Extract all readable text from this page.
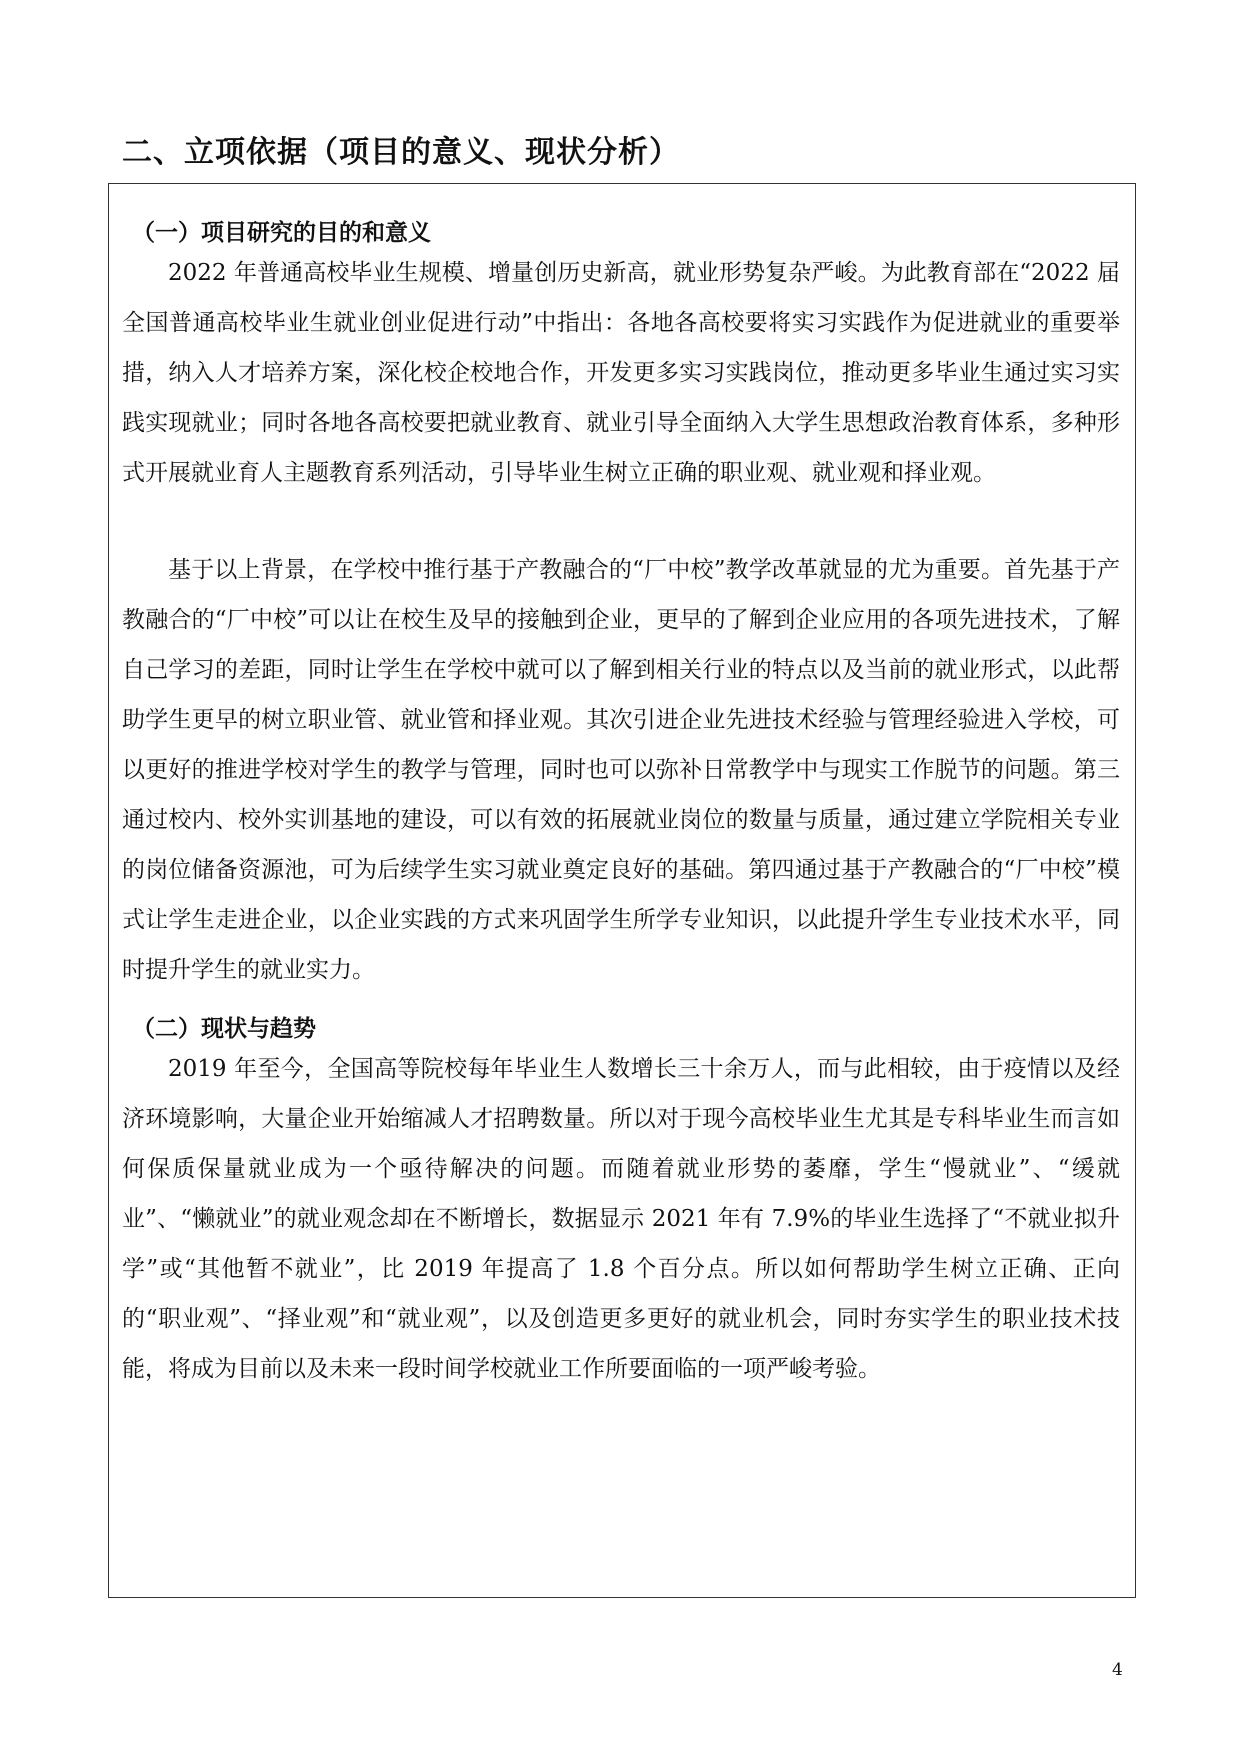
二、立项依据（项目的意义、现状分析）
（一）项目研究的目的和意义

2022 年普通高校毕业生规模、增量创历史新高，就业形势复杂严峻。为此教育部在“2022 届全国普通高校毕业生就业创业促进行动”中指出：各地各高校要将实习实践作为促进就业的重要举措，纳入人才培养方案，深化校企校地合作，开发更多实习实践岗位，推动更多毕业生通过实习实践实现就业；同时各地各高校要把就业教育、就业引导全面纳入大学生思想政治教育体系，多种形式开展就业育人主题教育系列活动，引导毕业生树立正确的职业观、就业观和择业观。

基于以上背景，在学校中推行基于产教融合的“厂中校”教学改革就显的尤为重要。首先基于产教融合的“厂中校”可以让在校生及早的接触到企业，更早的了解到企业应用的各项先进技术，了解自己学习的差距，同时让学生在学校中就可以了解到相关行业的特点以及当前的就业形式，以此帮助学生更早的树立职业管、就业管和择业观。其次引进企业先进技术经验与管理经验进入学校，可以更好的推进学校对学生的教学与管理，同时也可以弥补日常教学中与现实工作脱节的问题。第三通过校内、校外实训基地的建设，可以有效的拓展就业岗位的数量与质量，通过建立学院相关专业的岗位储备资源池，可为后续学生实习就业奠定良好的基础。第四通过基于产教融合的“厂中校”模式让学生走进企业，以企业实践的方式来巩固学生所学专业知识，以此提升学生专业技术水平，同时提升学生的就业实力。

（二）现状与趋势

2019 年至今，全国高等院校每年毕业生人数增长三十余万人，而与此相较，由于疫情以及经济环境影响，大量企业开始缩减人才招聘数量。所以对于现今高校毕业生尤其是专科毕业生而言如何保质保量就业成为一个亟待解决的问题。而随着就业形势的萎靡，学生“慢就业”、“缓就业”、“懒就业”的就业观念却在不断增长，数据显示 2021 年有 7.9%的毕业生选择了“不就业拟升学”或“其他暂不就业”，比 2019 年提高了 1.8 个百分点。所以如何帮助学生树立正确、正向的“职业观”、“择业观”和“就业观”，以及创造更多更好的就业机会，同时夯实学生的职业技术技能，将成为目前以及未来一段时间学校就业工作所要面临的一项严峻考验。

4
